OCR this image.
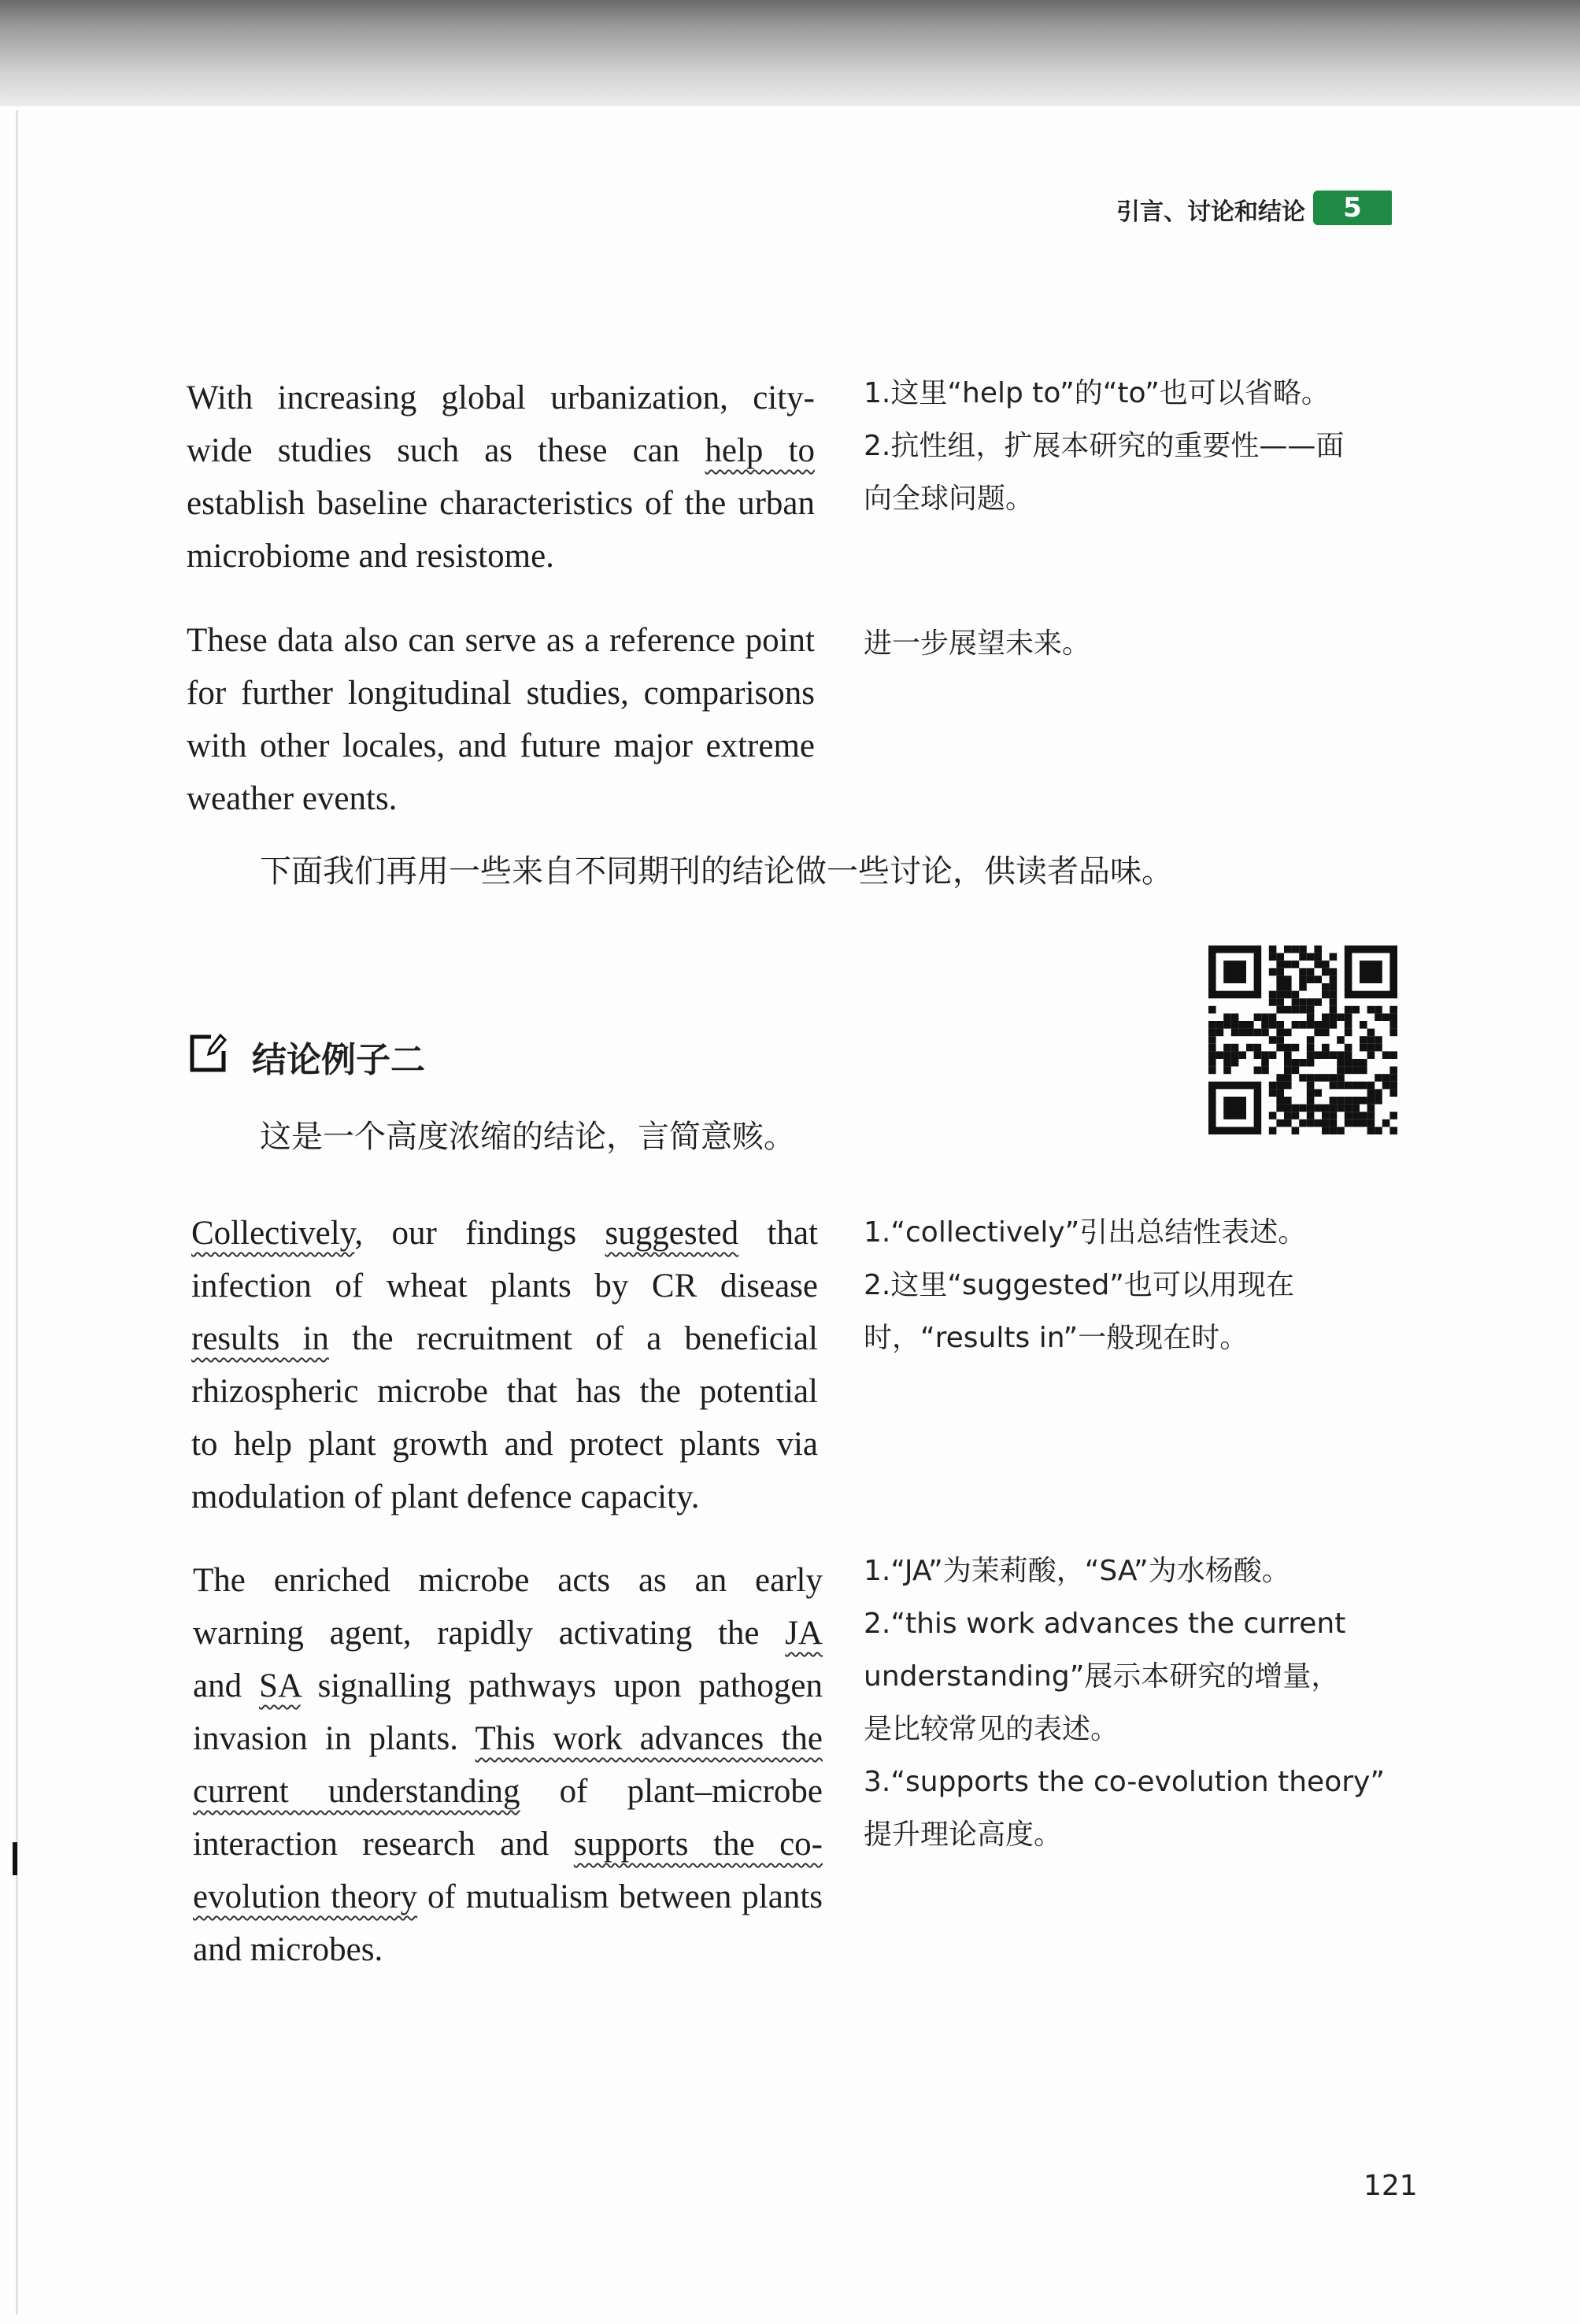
引言、讨论和结论	5
With increasing global urbanization, city-
wide studies such as these can help to
establish baseline characteristics of the urban
microbiome and resistome.
These data also can serve as a reference point
for further longitudinal studies, comparisons
with other locales, and future major extreme
weather events.
Collectively, our findings suggested that
infection of wheat plants by CR disease
results in the recruitment of a beneficial
rhizospheric microbe that has the potential
to help plant growth and protect plants via
modulation of plant defence capacity.
The enriched microbe acts as an early
warning agent, rapidly activating the JA
and SA signalling pathways upon pathogen
invasion in plants. This work advances the
current understanding of plant–microbe
interaction research and supports the co-
evolution theory of mutualism between plants
and microbes.
1.这里“help to”的“to”也可以省略。
2.抗性组，扩展本研究的重要性——面
向全球问题。
进一步展望未来。
1.“collectively”引出总结性表述。
2.这里“suggested”也可以用现在
时，“results in”一般现在时。
1.“JA”为茉莉酸，“SA”为水杨酸。
2.“this work advances the current
understanding”展示本研究的增量，
是比较常见的表述。
3.“supports the co-evolution theory”
提升理论高度。
下面我们再用一些来自不同期刊的结论做一些讨论，供读者品味。
结论例子二
这是一个高度浓缩的结论，言简意赅。
121
